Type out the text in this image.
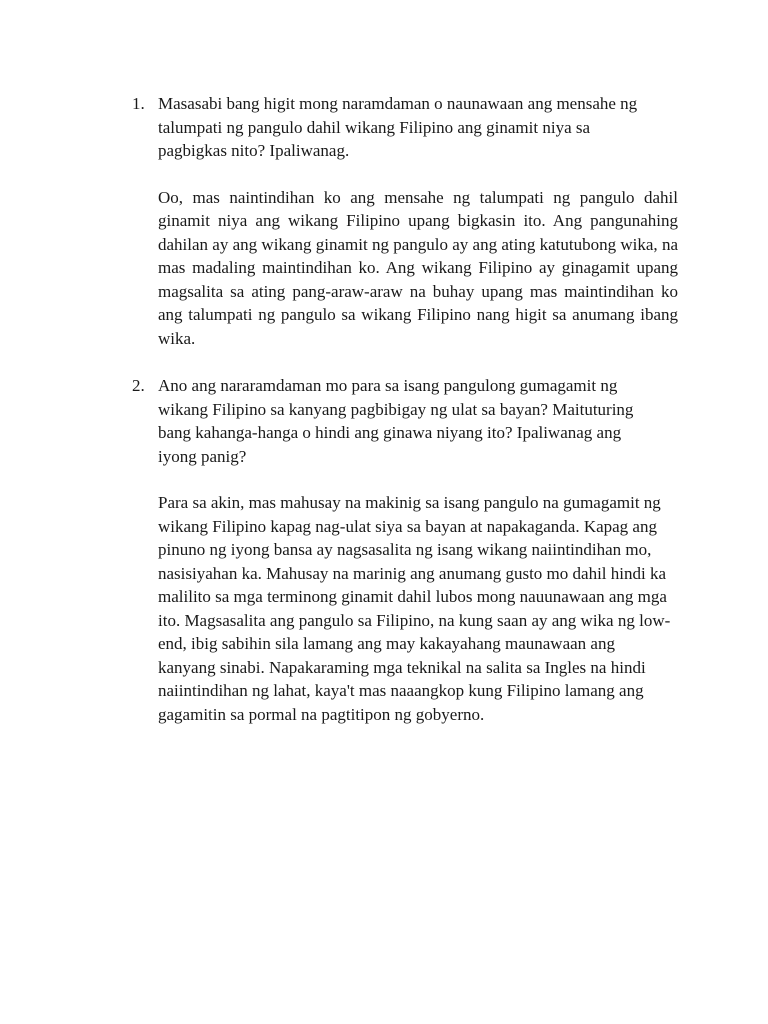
1. Masasabi bang higit mong naramdaman o naunawaan ang mensahe ng talumpati ng pangulo dahil wikang Filipino ang ginamit niya sa pagbigkas nito? Ipaliwanag.

Oo, mas naintindihan ko ang mensahe ng talumpati ng pangulo dahil ginamit niya ang wikang Filipino upang bigkasin ito. Ang pangunahing dahilan ay ang wikang ginamit ng pangulo ay ang ating katutubong wika, na mas madaling maintindihan ko. Ang wikang Filipino ay ginagamit upang magsalita sa ating pang-araw-araw na buhay upang mas maintindihan ko ang talumpati ng pangulo sa wikang Filipino nang higit sa anumang ibang wika.

2. Ano ang nararamdaman mo para sa isang pangulong gumagamit ng wikang Filipino sa kanyang pagbibigay ng ulat sa bayan? Maituturing bang kahanga-hanga o hindi ang ginawa niyang ito? Ipaliwanag ang iyong panig?

Para sa akin, mas mahusay na makinig sa isang pangulo na gumagamit ng wikang Filipino kapag nag-ulat siya sa bayan at napakaganda. Kapag ang pinuno ng iyong bansa ay nagsasalita ng isang wikang naiintindihan mo, nasisiyahan ka. Mahusay na marinig ang anumang gusto mo dahil hindi ka malilito sa mga terminong ginamit dahil lubos mong nauunawaan ang mga ito. Magsasalita ang pangulo sa Filipino, na kung saan ay ang wika ng low-end, ibig sabihin sila lamang ang may kakayahang maunawaan ang kanyang sinabi. Napakaraming mga teknikal na salita sa Ingles na hindi naiintindihan ng lahat, kaya't mas naaangkop kung Filipino lamang ang gagamitin sa pormal na pagtitipon ng gobyerno.
